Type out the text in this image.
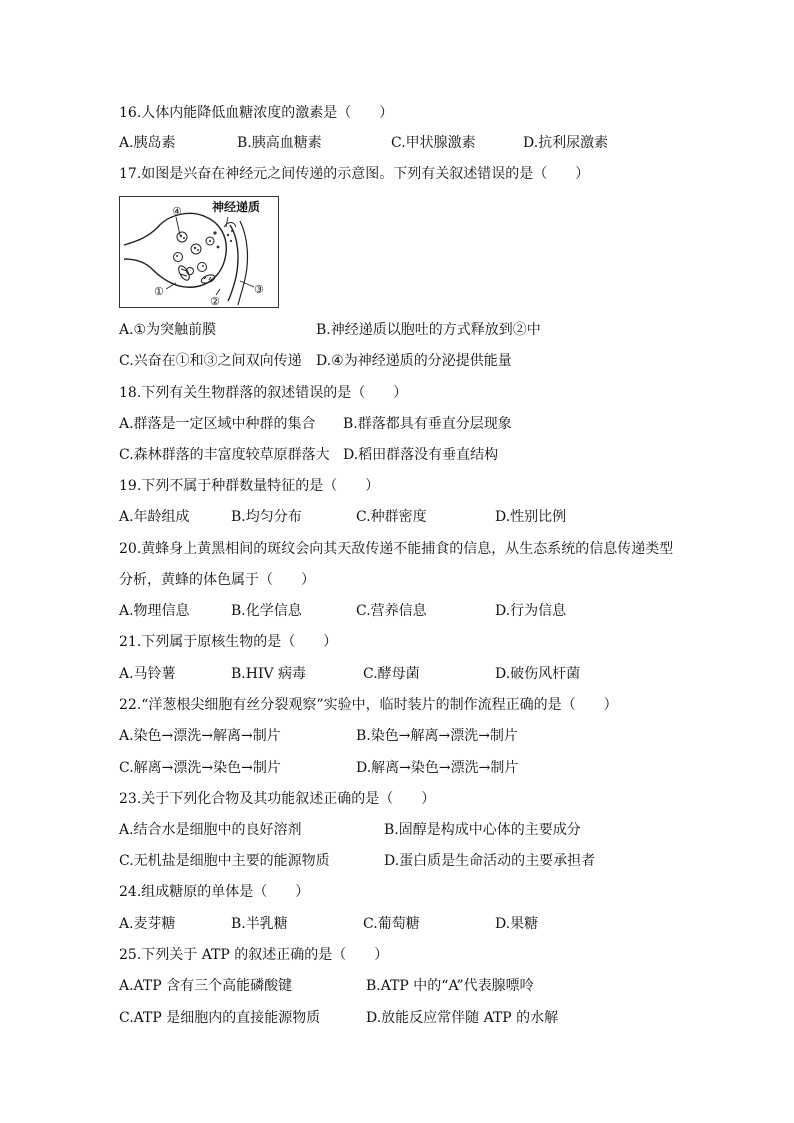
16.人体内能降低血糖浓度的激素是（　　）
A.胰岛素	B.胰高血糖素	C.甲状腺激素	D.抗利尿激素
17.如图是兴奋在神经元之间传递的示意图。下列有关叙述错误的是（　　）
神经递质
④
①
②
③
A.①为突触前膜	B.神经递质以胞吐的方式释放到②中
C.兴奋在①和③之间双向传递 D.④为神经递质的分泌提供能量
18.下列有关生物群落的叙述错误的是（　　）
A.群落是一定区域中种群的集合 B.群落都具有垂直分层现象
C.森林群落的丰富度较草原群落大 D.稻田群落没有垂直结构
19.下列不属于种群数量特征的是（　　）
A.年龄组成	B.均匀分布	C.种群密度	D.性别比例
20.黄蜂身上黄黑相间的斑纹会向其天敌传递不能捕食的信息，从生态系统的信息传递类型
分析，黄蜂的体色属于（　　）
A.物理信息	B.化学信息	C.营养信息	D.行为信息
21.下列属于原核生物的是（　　）
A.马铃薯	B.HIV 病毒	C.酵母菌	D.破伤风杆菌
22.“洋葱根尖细胞有丝分裂观察”实验中，临时装片的制作流程正确的是（　　）
A.染色→漂洗→解离→制片	B.染色→解离→漂洗→制片
C.解离→漂洗→染色→制片	D.解离→染色→漂洗→制片
23.关于下列化合物及其功能叙述正确的是（　　）
A.结合水是细胞中的良好溶剂	B.固醇是构成中心体的主要成分
C.无机盐是细胞中主要的能源物质	D.蛋白质是生命活动的主要承担者
24.组成糖原的单体是（　　）
A.麦芽糖	B.半乳糖	C.葡萄糖	D.果糖
25.下列关于 ATP 的叙述正确的是（　　）
A.ATP 含有三个高能磷酸键	B.ATP 中的“A”代表腺嘌呤
C.ATP 是细胞内的直接能源物质	D.放能反应常伴随 ATP 的水解
